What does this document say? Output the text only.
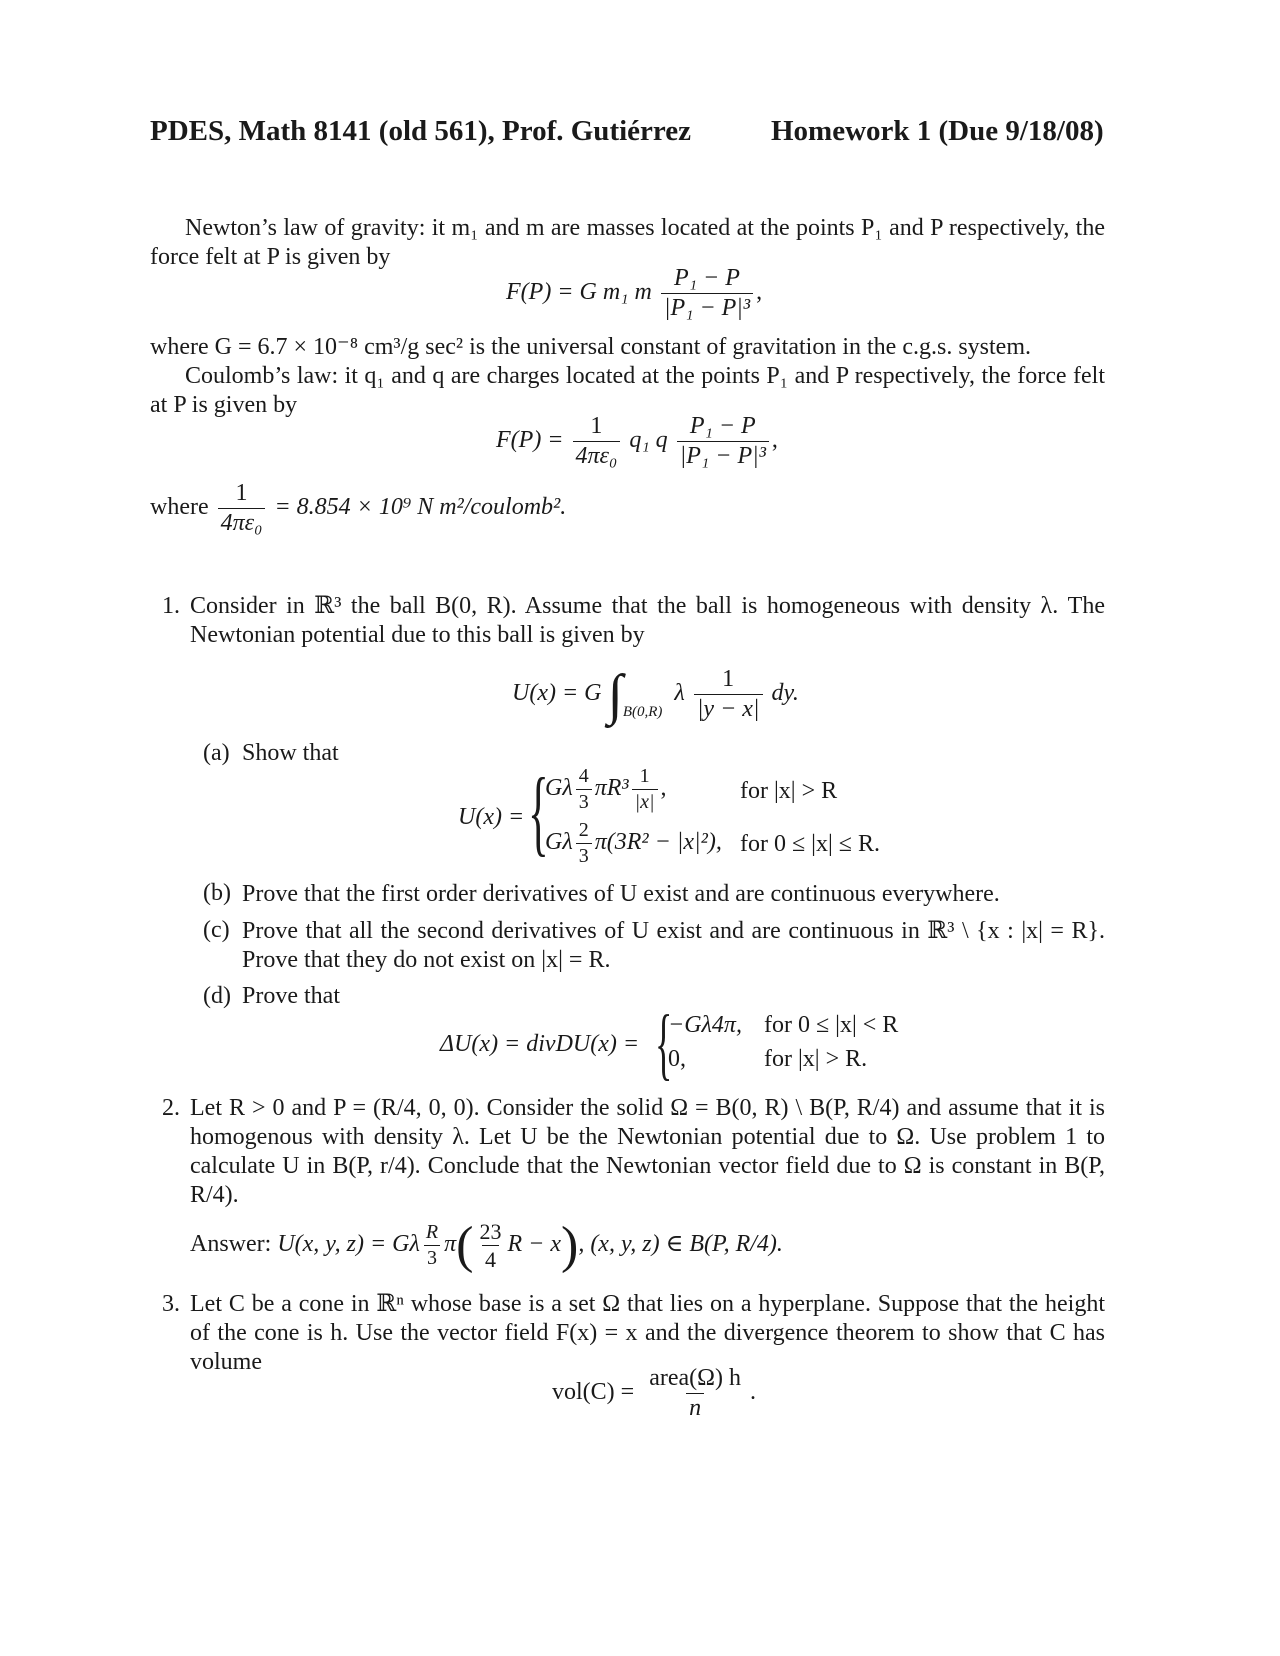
PDES, Math 8141 (old 561), Prof. Gutiérrez	Homework 1 (Due 9/18/08)
Newton’s law of gravity: it m₁ and m are masses located at the points P₁ and P respectively, the force felt at P is given by
F(P) = G m₁ m $\frac{\text{P₁ − P}}{\text{|P₁ − P|³}}$ ,
where G = 6.7 × 10⁻⁸ cm³/g sec² is the universal constant of gravitation in the c.g.s. system.
Coulomb’s law: it q₁ and q are charges located at the points P₁ and P respectively, the force felt at P is given by
$F(P) = \frac{1}{\text{4πε₀}} q_1$ q $\frac{\text{P₁ − P}}{\text{|P₁ − P|³}}$ ,
where $\frac{1}{\text{4πε₀}} = 8.854 \times 10^9$ N m²/coulomb².
1. Consider in ℝ³ the ball B(0, R). Assume that the ball is homogeneous with density λ. The Newtonian potential due to this ball is given by
U(x) = G $\int_{B(0,R)}$ λ $\frac{1}{|y - x|}$ dy.
(a) Show that
U(x) = {
Gλ $\frac{4}{3} \pi R^3 \frac{1}{|x|}$ ,	for |x| > R
Gλ $\frac{2}{3} \pi(3R^2 - |x|^2)$, for 0 ≤ |x| ≤ R.
(b) Prove that the first order derivatives of U exist and are continuous everywhere.
(c) Prove that all the second derivatives of U exist and are continuous in ℝ³ \ {x : |x| = R}. Prove that they do not exist on |x| = R.
(d) Prove that
ΔU(x) = divDU(x) = {
−Gλ4π, for 0 ≤ |x| < R
0,	for |x| > R.
2. Let R > 0 and P = (R/4, 0, 0). Consider the solid Ω = B(0, R) \ B(P, R/4) and assume that it is homogenous with density λ. Let U be the Newtonian potential due to Ω. Use problem 1 to calculate U in B(P, r/4). Conclude that the Newtonian vector field due to Ω is constant in B(P, R/4).
Answer: U(x, y, z) = Gλ $\frac{R}{3} \pi( \frac{23}{4}$ R − x), (x, y, z) ∈ B(P, R/4).
3. Let C be a cone in ℝⁿ whose base is a set Ω that lies on a hyperplane. Suppose that the height of the cone is h. Use the vector field F(x) = x and the divergence theorem to show that C has volume
$vol(C) = \frac{\text{area(Ω) h}}{n}$ .
